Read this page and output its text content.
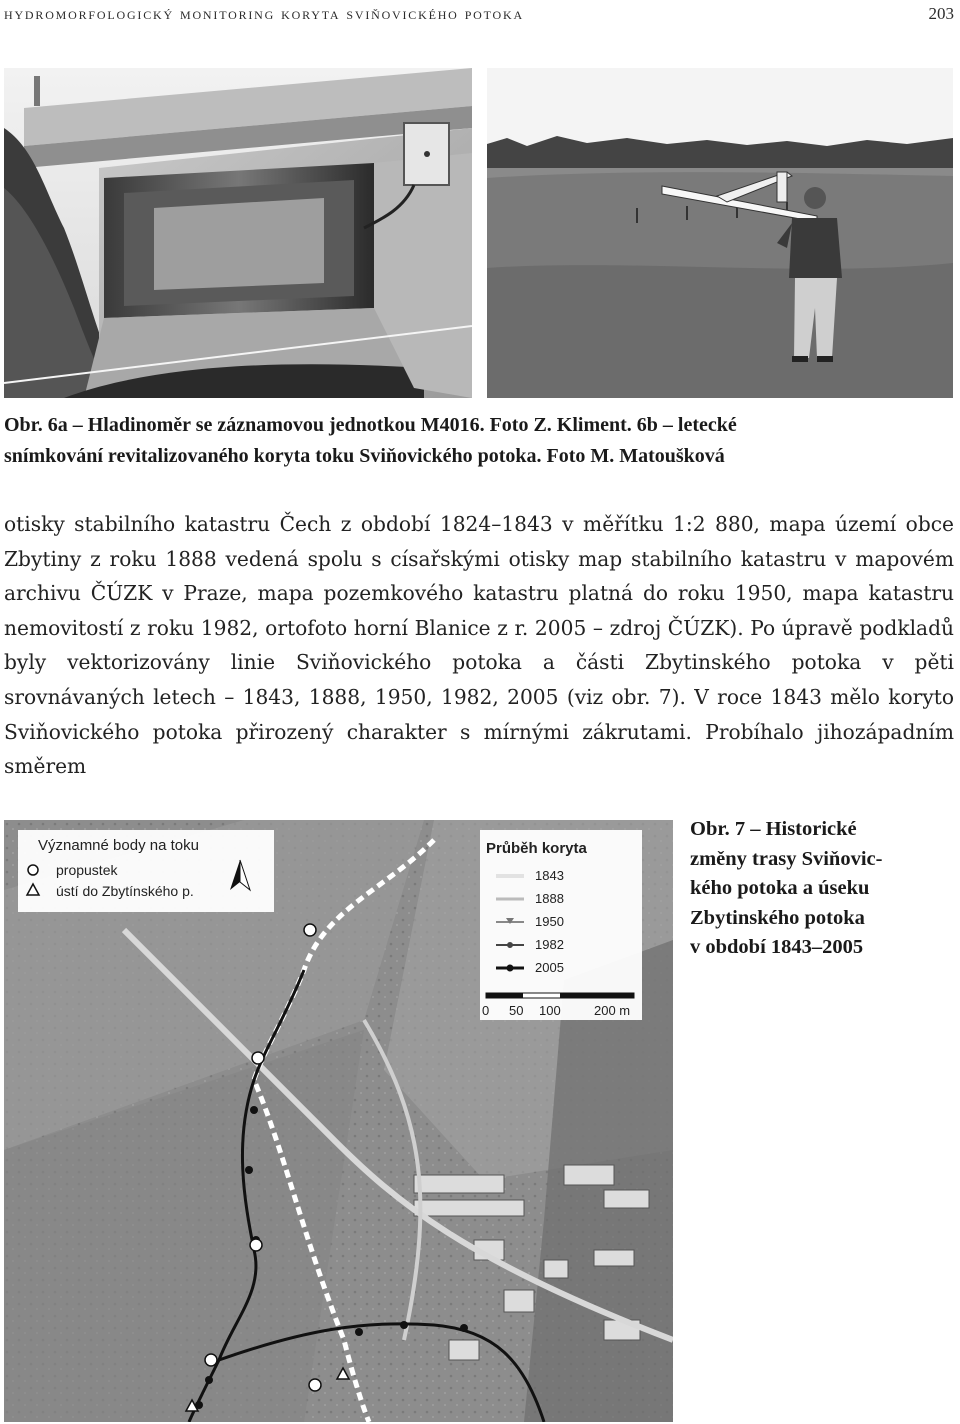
hydromorfologický monitoring koryta sviňovického potoka	203
Obr. 6a – Hladinoměr se záznamovou jednotkou M4016. Foto Z. Kliment. 6b – letecké
snímkování revitalizovaného koryta toku Sviňovického potoka. Foto M. Matoušková

otisky stabilního katastru Čech z období 1824–1843 v měřítku 1:2 880, mapa území obce Zbytiny z roku 1888 vedená spolu s císařskými otisky map stabilního katastru v mapovém archivu ČÚZK v Praze, mapa pozemkového katastru platná do roku 1950, mapa katastru nemovitostí z roku 1982, ortofoto horní Blanice z r. 2005 – zdroj ČÚZK). Po úpravě podkladů byly vektorizovány linie Sviňovického potoka a části Zbytinského potoka v pěti srovnávaných letech – 1843, 1888, 1950, 1982, 2005 (viz obr. 7). V roce 1843 mělo koryto Sviňovického potoka přirozený charakter s mírnými zákrutami. Probíhalo jihozápadním směrem

Významné body na toku
propustek
ústí do Zbytínského p.
Průběh koryta
1843
1888
1950
1982
2005
0 50 100	200 m
Obr. 7 – Historické
změny trasy Sviňovic-
kého potoka a úseku
Zbytinského potoka
v období 1843–2005
